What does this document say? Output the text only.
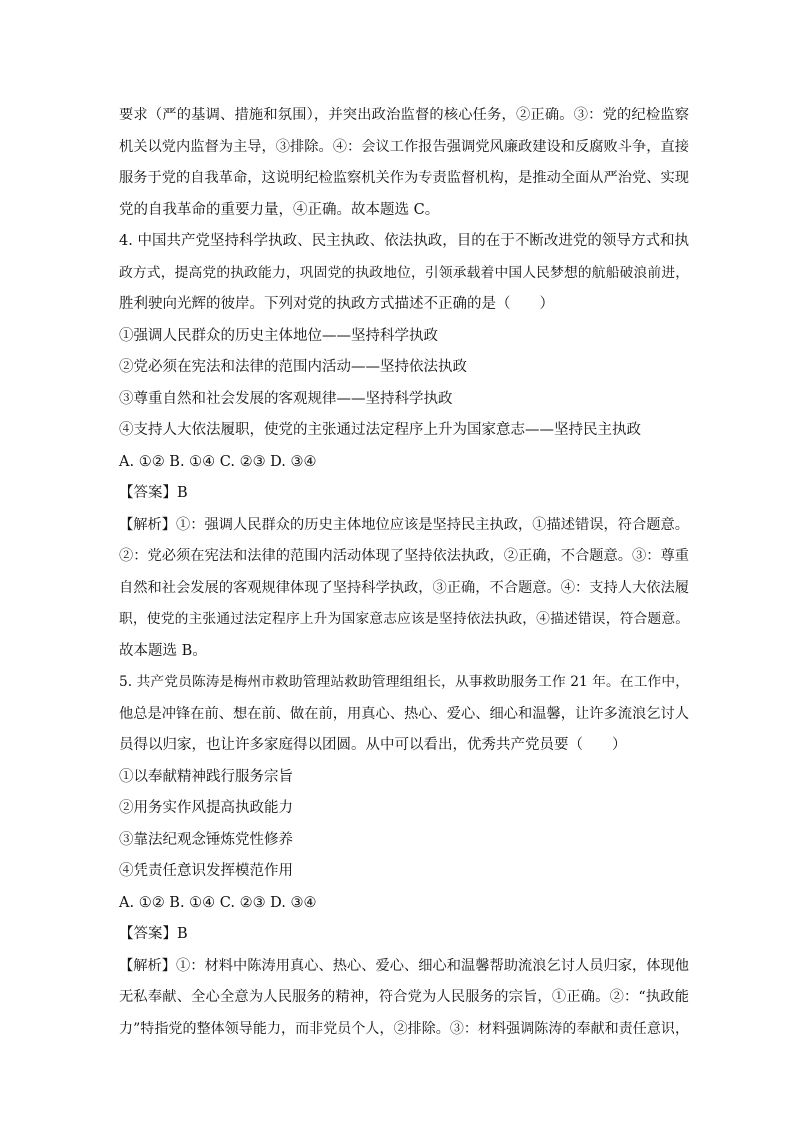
要求（严的基调、措施和氛围），并突出政治监督的核心任务，②正确。③：党的纪检监察
机关以党内监督为主导，③排除。④：会议工作报告强调党风廉政建设和反腐败斗争，直接
服务于党的自我革命，这说明纪检监察机关作为专责监督机构，是推动全面从严治党、实现
党的自我革命的重要力量，④正确。故本题选 C。
4. 中国共产党坚持科学执政、民主执政、依法执政，目的在于不断改进党的领导方式和执
政方式，提高党的执政能力，巩固党的执政地位，引领承载着中国人民梦想的航船破浪前进，
胜利驶向光辉的彼岸。下列对党的执政方式描述不正确的是（　　）
①强调人民群众的历史主体地位——坚持科学执政
②党必须在宪法和法律的范围内活动——坚持依法执政
③尊重自然和社会发展的客观规律——坚持科学执政
④支持人大依法履职，使党的主张通过法定程序上升为国家意志——坚持民主执政
A. ①② B. ①④ C. ②③ D. ③④
【答案】B
【解析】①：强调人民群众的历史主体地位应该是坚持民主执政，①描述错误，符合题意。
②：党必须在宪法和法律的范围内活动体现了坚持依法执政，②正确，不合题意。③：尊重
自然和社会发展的客观规律体现了坚持科学执政，③正确，不合题意。④：支持人大依法履
职，使党的主张通过法定程序上升为国家意志应该是坚持依法执政，④描述错误，符合题意。
故本题选 B。
5. 共产党员陈涛是梅州市救助管理站救助管理组组长，从事救助服务工作 21 年。在工作中，
他总是冲锋在前、想在前、做在前，用真心、热心、爱心、细心和温馨，让许多流浪乞讨人
员得以归家，也让许多家庭得以团圆。从中可以看出，优秀共产党员要（　　）
①以奉献精神践行服务宗旨
②用务实作风提高执政能力
③靠法纪观念锤炼党性修养
④凭责任意识发挥模范作用
A. ①② B. ①④ C. ②③ D. ③④
【答案】B
【解析】①：材料中陈涛用真心、热心、爱心、细心和温馨帮助流浪乞讨人员归家，体现他
无私奉献、全心全意为人民服务的精神，符合党为人民服务的宗旨，①正确。②：“执政能
力”特指党的整体领导能力，而非党员个人，②排除。③：材料强调陈涛的奉献和责任意识，
